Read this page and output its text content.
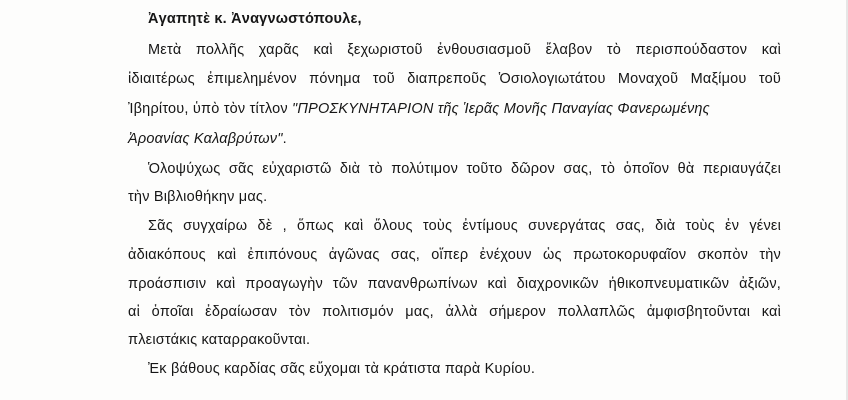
Ἀγαπητὲ κ. Ἀναγνωστόπουλε,
Μετὰ πολλῆς χαρᾶς καὶ ξεχωριστοῦ ἐνθουσιασμοῦ ἔλαβον τὸ περισπούδαστον καὶ
ἰδιαιτέρως ἐπιμελημένον πόνημα τοῦ διαπρεποῦς Ὁσιολογιωτάτου Μοναχοῦ Μαξίμου τοῦ
Ἰβηρίτου, ὑπὸ τὸν τίτλον "ΠΡΟΣΚΥΝΗΤΑΡΙΟΝ τῆς Ἱερᾶς Μονῆς Παναγίας Φανερωμένης
Ἀροανίας Καλαβρύτων".
Ὁλοψύχως σᾶς εὐχαριστῶ διὰ τὸ πολύτιμον τοῦτο δῶρον σας, τὸ ὁποῖον θὰ περιαυγάζει
τὴν Βιβλιοθήκην μας.
Σᾶς συγχαίρω δὲ , ὅπως καὶ ὅλους τοὺς ἐντίμους συνεργάτας σας, διὰ τοὺς ἐν γένει
ἀδιακόπους καὶ ἐπιπόνους ἀγῶνας σας, οἵπερ ἐνέχουν ὡς πρωτοκορυφαῖον σκοπὸν τὴν
προάσπισιν καὶ προαγωγὴν τῶν πανανθρωπίνων καὶ διαχρονικῶν ἠθικοπνευματικῶν ἀξιῶν,
αἱ ὁποῖαι ἐδραίωσαν τὸν πολιτισμόν μας, ἀλλὰ σήμερον πολλαπλῶς ἀμφισβητοῦνται καὶ
πλειστάκις καταρρακοῦνται.
Ἐκ βάθους καρδίας σᾶς εὔχομαι τὰ κράτιστα παρὰ Κυρίου.
